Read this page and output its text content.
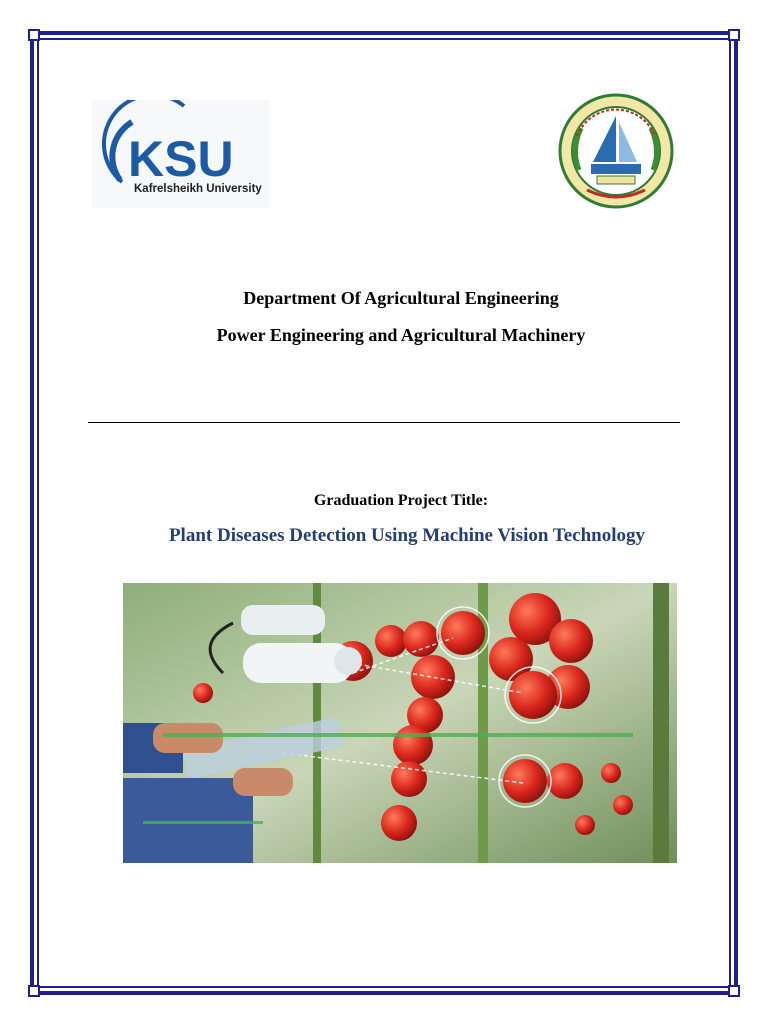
KSU
Kafrelsheikh University
Department Of Agricultural Engineering
Power Engineering and Agricultural Machinery
Graduation Project Title:
Plant Diseases Detection Using Machine Vision Technology
